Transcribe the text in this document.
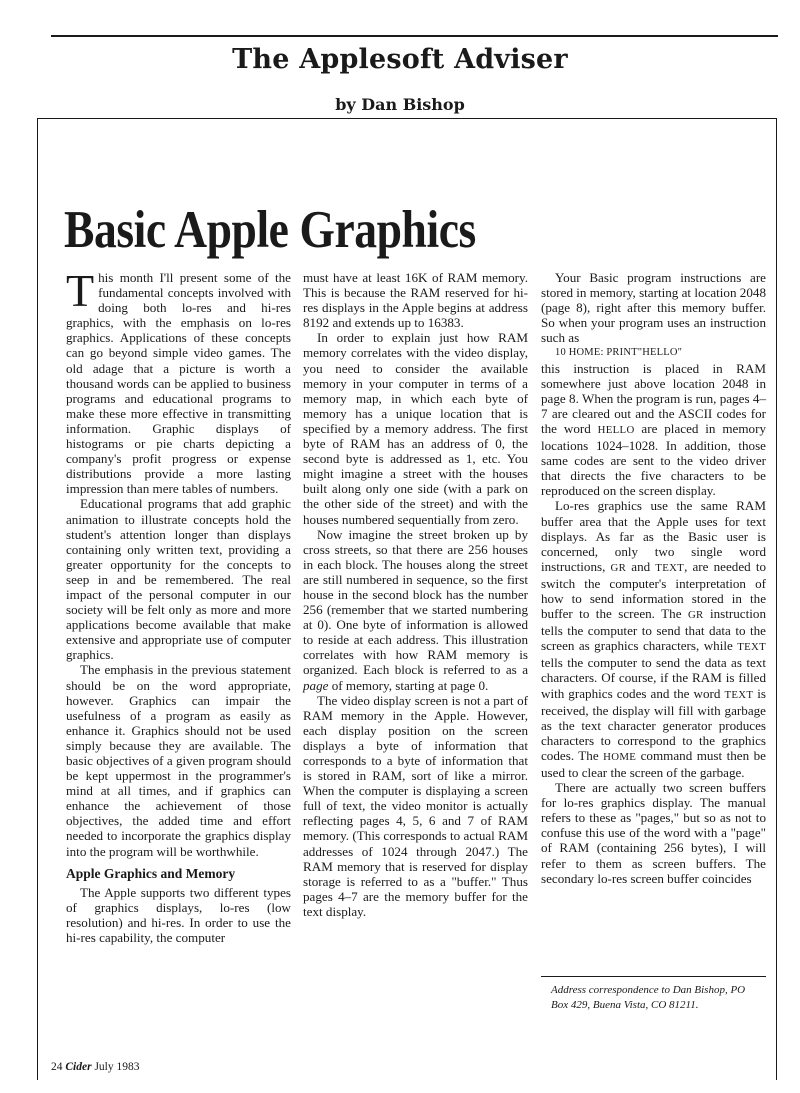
The Applesoft Adviser
by Dan Bishop
Basic Apple Graphics

This month I'll present some of the fundamental concepts involved with doing both lo-res and hi-res graphics, with the emphasis on lo-res graphics. Applications of these concepts can go beyond simple video games. The old adage that a picture is worth a thousand words can be applied to business programs and educational programs to make these more effective in transmitting information. Graphic displays of histograms or pie charts depicting a company's profit progress or expense distributions provide a more lasting impression than mere tables of numbers.

Educational programs that add graphic animation to illustrate concepts hold the student's attention longer than displays containing only written text, providing a greater opportunity for the concepts to seep in and be remembered. The real impact of the personal computer in our society will be felt only as more and more applications become available that make extensive and appropriate use of computer graphics.

The emphasis in the previous statement should be on the word appropriate, however. Graphics can impair the usefulness of a program as easily as enhance it. Graphics should not be used simply because they are available. The basic objectives of a given program should be kept uppermost in the programmer's mind at all times, and if graphics can enhance the achievement of those objectives, the added time and effort needed to incorporate the graphics display into the program will be worthwhile.

Apple Graphics and Memory

The Apple supports two different types of graphics displays, lo-res (low resolution) and hi-res. In order to use the hi-res capability, the computer

must have at least 16K of RAM memory. This is because the RAM reserved for hi-res displays in the Apple begins at address 8192 and extends up to 16383.

In order to explain just how RAM memory correlates with the video display, you need to consider the available memory in your computer in terms of a memory map, in which each byte of memory has a unique location that is specified by a memory address. The first byte of RAM has an address of 0, the second byte is addressed as 1, etc. You might imagine a street with the houses built along only one side (with a park on the other side of the street) and with the houses numbered sequentially from zero.

Now imagine the street broken up by cross streets, so that there are 256 houses in each block. The houses along the street are still numbered in sequence, so the first house in the second block has the number 256 (remember that we started numbering at 0). One byte of information is allowed to reside at each address. This illustration correlates with how RAM memory is organized. Each block is referred to as a page of memory, starting at page 0.

The video display screen is not a part of RAM memory in the Apple. However, each display position on the screen displays a byte of information that corresponds to a byte of information that is stored in RAM, sort of like a mirror. When the computer is displaying a screen full of text, the video monitor is actually reflecting pages 4, 5, 6 and 7 of RAM memory. (This corresponds to actual RAM addresses of 1024 through 2047.) The RAM memory that is reserved for display storage is referred to as a "buffer." Thus pages 4–7 are the memory buffer for the text display.

Your Basic program instructions are stored in memory, starting at location 2048 (page 8), right after this memory buffer. So when your program uses an instruction such as

10 HOME: PRINT"HELLO"

this instruction is placed in RAM somewhere just above location 2048 in page 8. When the program is run, pages 4–7 are cleared out and the ASCII codes for the word HELLO are placed in memory locations 1024–1028. In addition, those same codes are sent to the video driver that directs the five characters to be reproduced on the screen display.

Lo-res graphics use the same RAM buffer area that the Apple uses for text displays. As far as the Basic user is concerned, only two single word instructions, GR and TEXT, are needed to switch the computer's interpretation of how to send information stored in the buffer to the screen. The GR instruction tells the computer to send that data to the screen as graphics characters, while TEXT tells the computer to send the data as text characters. Of course, if the RAM is filled with graphics codes and the word TEXT is received, the display will fill with garbage as the text character generator produces characters to correspond to the graphics codes. The HOME command must then be used to clear the screen of the garbage.

There are actually two screen buffers for lo-res graphics display. The manual refers to these as "pages," but so as not to confuse this use of the word with a "page" of RAM (containing 256 bytes), I will refer to them as screen buffers. The secondary lo-res screen buffer coincides

Address correspondence to Dan Bishop, PO Box 429, Buena Vista, CO 81211.
24 Cider July 1983
